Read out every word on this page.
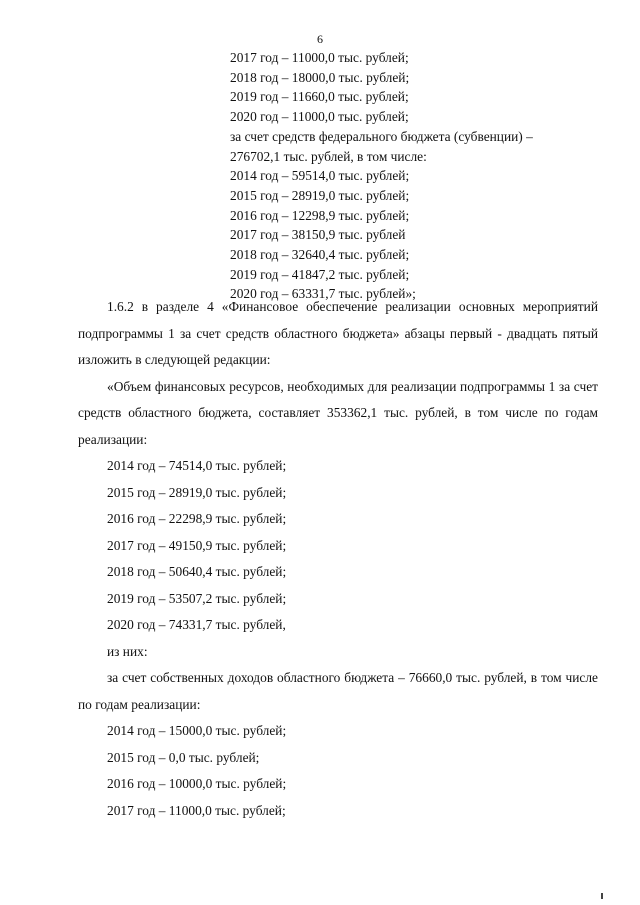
6
2017 год – 11000,0 тыс. рублей;
2018 год – 18000,0 тыс. рублей;
2019 год – 11660,0 тыс. рублей;
2020 год – 11000,0 тыс. рублей;
за счет средств федерального бюджета (субвенции) –
276702,1 тыс. рублей, в том числе:
2014 год – 59514,0 тыс. рублей;
2015 год – 28919,0 тыс. рублей;
2016 год – 12298,9 тыс. рублей;
2017 год – 38150,9 тыс. рублей
2018 год – 32640,4 тыс. рублей;
2019 год – 41847,2 тыс. рублей;
2020 год – 63331,7 тыс. рублей»;

1.6.2 в разделе 4 «Финансовое обеспечение реализации основных мероприятий подпрограммы 1 за счет средств областного бюджета» абзацы первый - двадцать пятый изложить в следующей редакции:

«Объем финансовых ресурсов, необходимых для реализации подпрограммы 1 за счет средств областного бюджета, составляет 353362,1 тыс. рублей, в том числе по годам реализации:

2014 год – 74514,0 тыс. рублей;
2015 год – 28919,0 тыс. рублей;
2016 год – 22298,9 тыс. рублей;
2017 год – 49150,9 тыс. рублей;
2018 год – 50640,4 тыс. рублей;
2019 год – 53507,2 тыс. рублей;
2020 год – 74331,7 тыс. рублей,
из них:

за счет собственных доходов областного бюджета – 76660,0 тыс. рублей, в том числе по годам реализации:

2014 год – 15000,0 тыс. рублей;
2015 год – 0,0 тыс. рублей;
2016 год – 10000,0 тыс. рублей;
2017 год – 11000,0 тыс. рублей;
